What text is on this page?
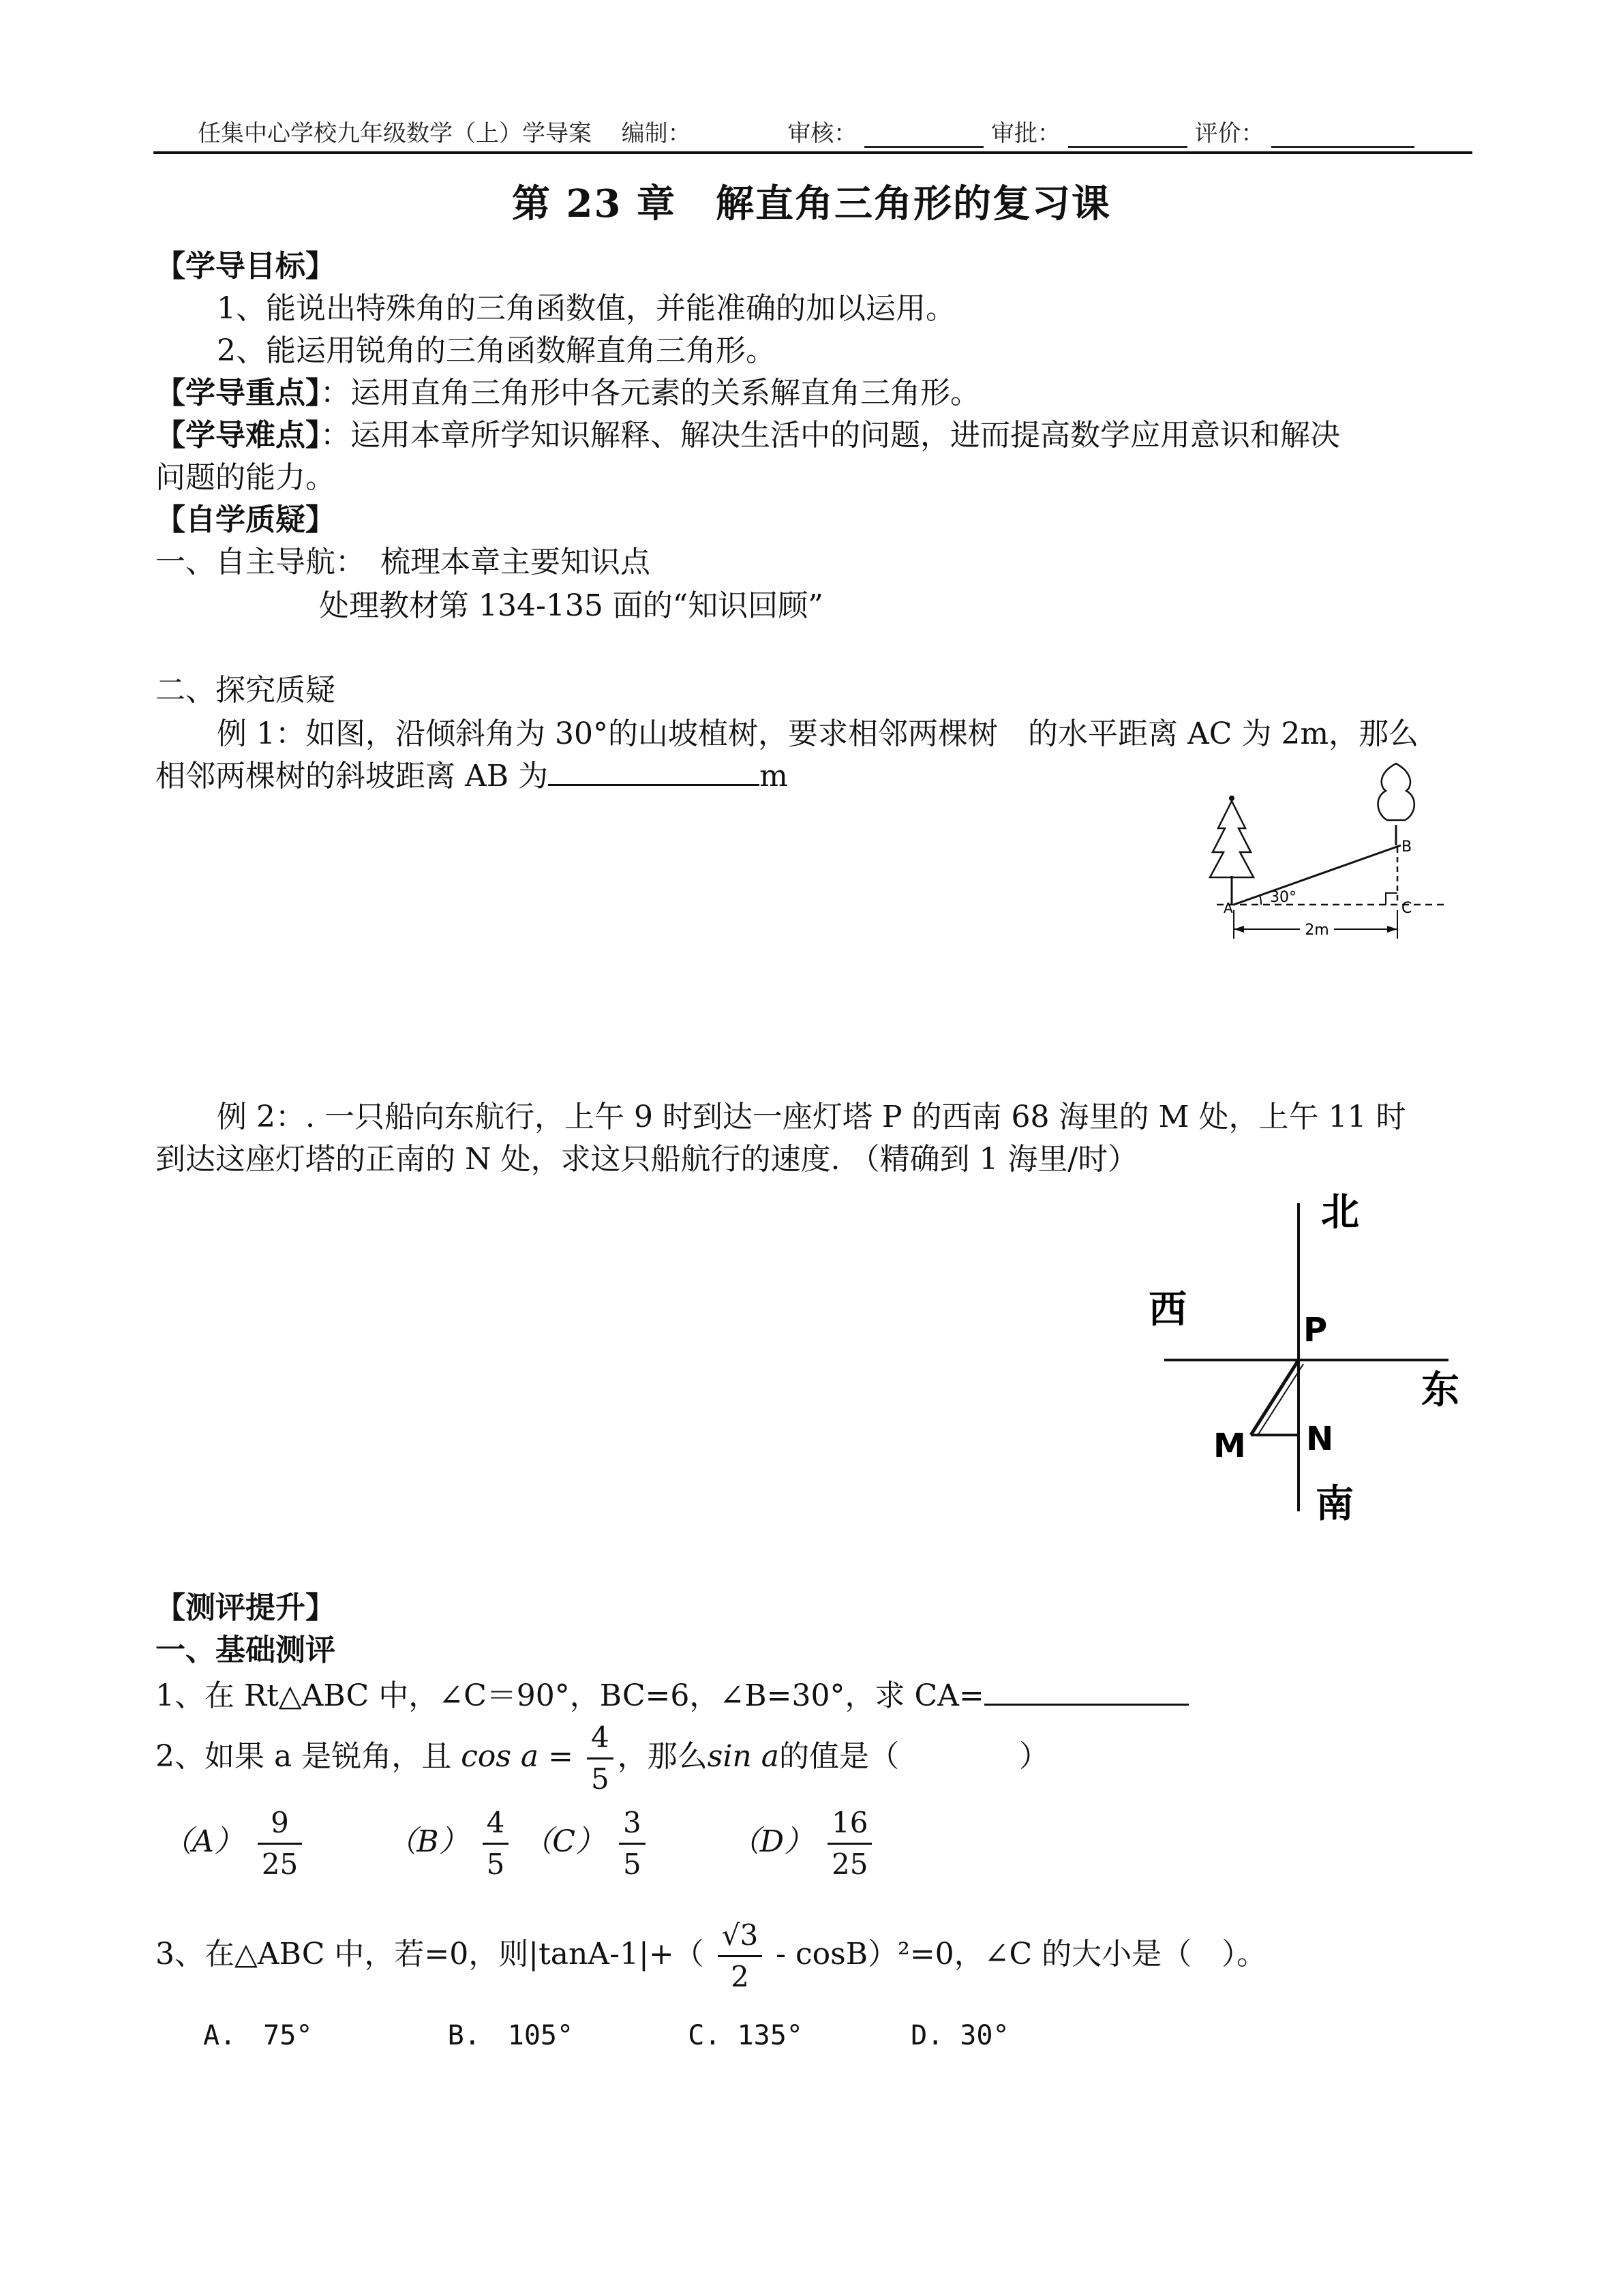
任集中心学校九年级数学（上）学导案 编制：	审核：	审批：	评价：
第 23 章　解直角三角形的复习课
【学导目标】
1、能说出特殊角的三角函数值，并能准确的加以运用。
2、能运用锐角的三角函数解直角三角形。
【学导重点】：运用直角三角形中各元素的关系解直角三角形。
【学导难点】：运用本章所学知识解释、解决生活中的问题，进而提高数学应用意识和解决
问题的能力。
【自学质疑】
一、自主导航：　梳理本章主要知识点
处理教材第 134-135 面的“知识回顾”
二、探究质疑
例 1：如图，沿倾斜角为 30°的山坡植树，要求相邻两棵树　的水平距离 AC 为 2m，那么
相邻两棵树的斜坡距离 AB 为	m
2m
30°
A
B
C
例 2：. 一只船向东航行，上午 9 时到达一座灯塔 P 的西南 68 海里的 M 处，上午 11 时
到达这座灯塔的正南的 N 处，求这只船航行的速度. （精确到 1 海里/时）
北
南
东
西	P
N
M
【测评提升】
一、基础测评
1、在 Rt△ABC 中，∠C＝90°，BC=6，∠B=30°，求 CA=
2、如果 a 是锐角，且 $\cos a = \frac{4}{5}$ ，那么sin a的值是（　　　　）
$(A) \frac{9}{25}$	$(B) \frac{4}{5} (C) \frac{3}{5}$	$(D) \frac{16}{25}$
3、在△ABC 中，若=0，则$|\tan A-1|+( \frac{√3}{2} - \cos B)^2=0$，∠C 的大小是（　）。
A.　75°	B.　105°	C. 135°	D. 30°
